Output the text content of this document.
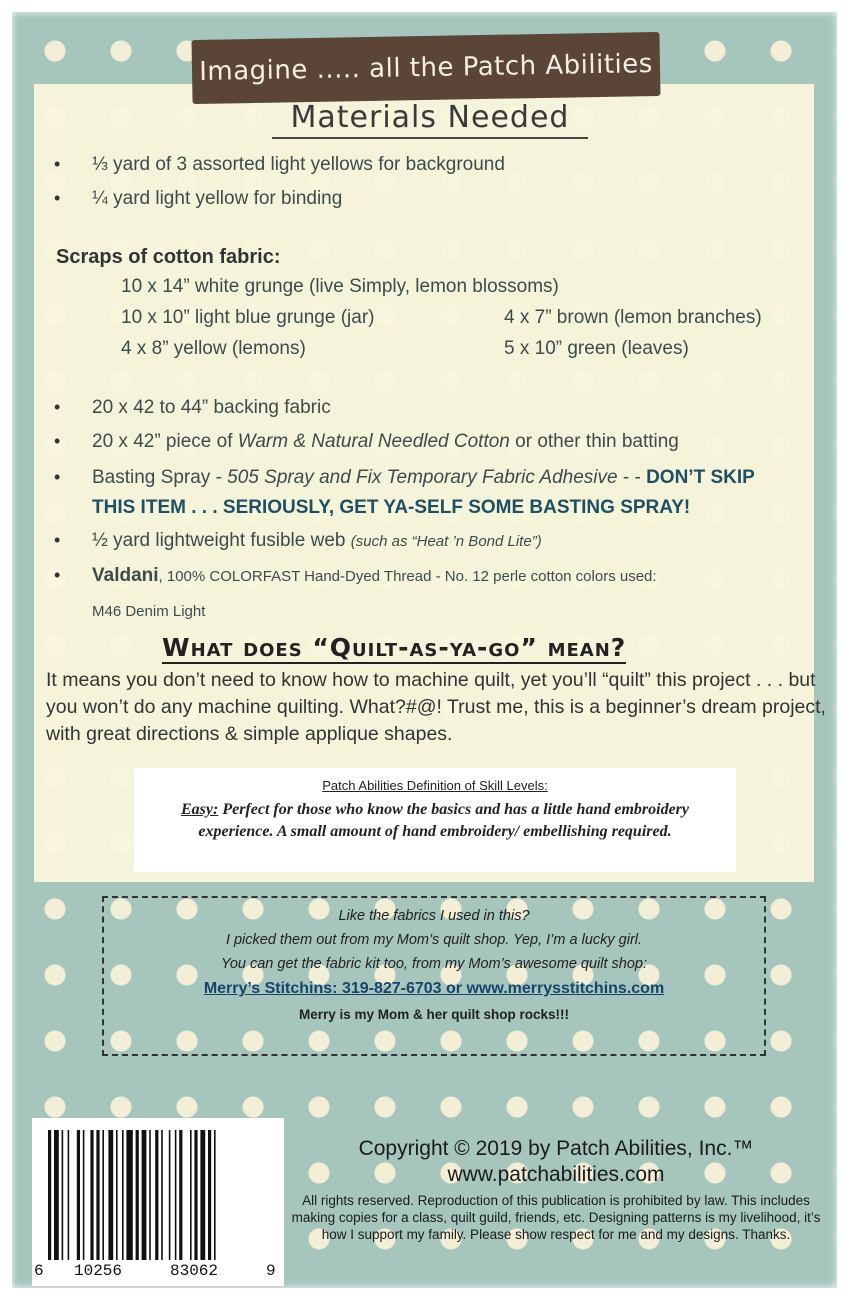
Imagine ..... all the Patch Abilities
Materials Needed
• ⅓ yard of 3 assorted light yellows for background
• ¼ yard light yellow for binding
Scraps of cotton fabric:
10 x 14” white grunge (live Simply, lemon blossoms)
10 x 10” light blue grunge (jar)	4 x 7” brown (lemon branches)
4 x 8” yellow (lemons)	5 x 10” green (leaves)
• 20 x 42 to 44” backing fabric
• 20 x 42” piece of Warm & Natural Needled Cotton or other thin batting
• Basting Spray - 505 Spray and Fix Temporary Fabric Adhesive - - DON’T SKIP
THIS ITEM . . . SERIOUSLY, GET YA-SELF SOME BASTING SPRAY!
• ½ yard lightweight fusible web (such as “Heat ’n Bond Lite”)
• Valdani, 100% COLORFAST Hand-Dyed Thread - No. 12 perle cotton colors used:
M46 Denim Light
What does “Quilt-as-ya-go” mean?
It means you don’t need to know how to machine quilt, yet you’ll “quilt” this project . . . but you won’t do any machine quilting. What?#@! Trust me, this is a beginner’s dream project, with great directions & simple applique shapes.
Patch Abilities Definition of Skill Levels:
Easy: Perfect for those who know the basics and has a little hand embroidery experience. A small amount of hand embroidery/ embellishing required.
Like the fabrics I used in this?
I picked them out from my Mom’s quilt shop. Yep, I’m a lucky girl.
You can get the fabric kit too, from my Mom’s awesome quilt shop:
Merry’s Stitchins: 319-827-6703 or www.merrysstitchins.com
Merry is my Mom & her quilt shop rocks!!!
6 10256	83062	9
Copyright © 2019 by Patch Abilities, Inc.™
www.patchabilities.com
All rights reserved. Reproduction of this publication is prohibited by law. This includes making copies for a class, quilt guild, friends, etc. Designing patterns is my livelihood, it’s how I support my family. Please show respect for me and my designs. Thanks.
